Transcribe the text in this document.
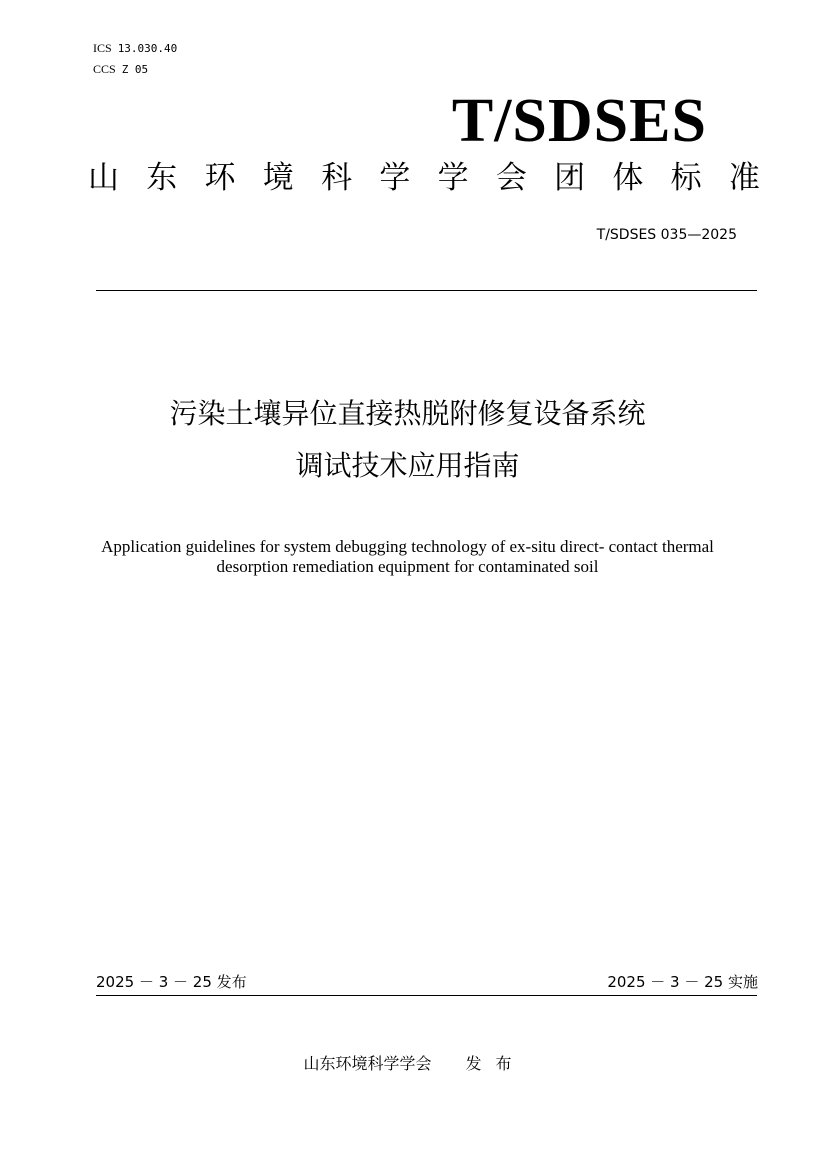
ICS 13.030.40
CCS Z 05
T/SDSES
山 东 环 境 科 学 学 会 团 体 标 准
T/SDSES 035—2025
污染土壤异位直接热脱附修复设备系统
调试技术应用指南
Application guidelines for system debugging technology of ex-situ direct- contact thermal
desorption remediation equipment for contaminated soil
2025 － 3 － 25 发布	2025 － 3 － 25 实施
山东环境科学学会 发 布
